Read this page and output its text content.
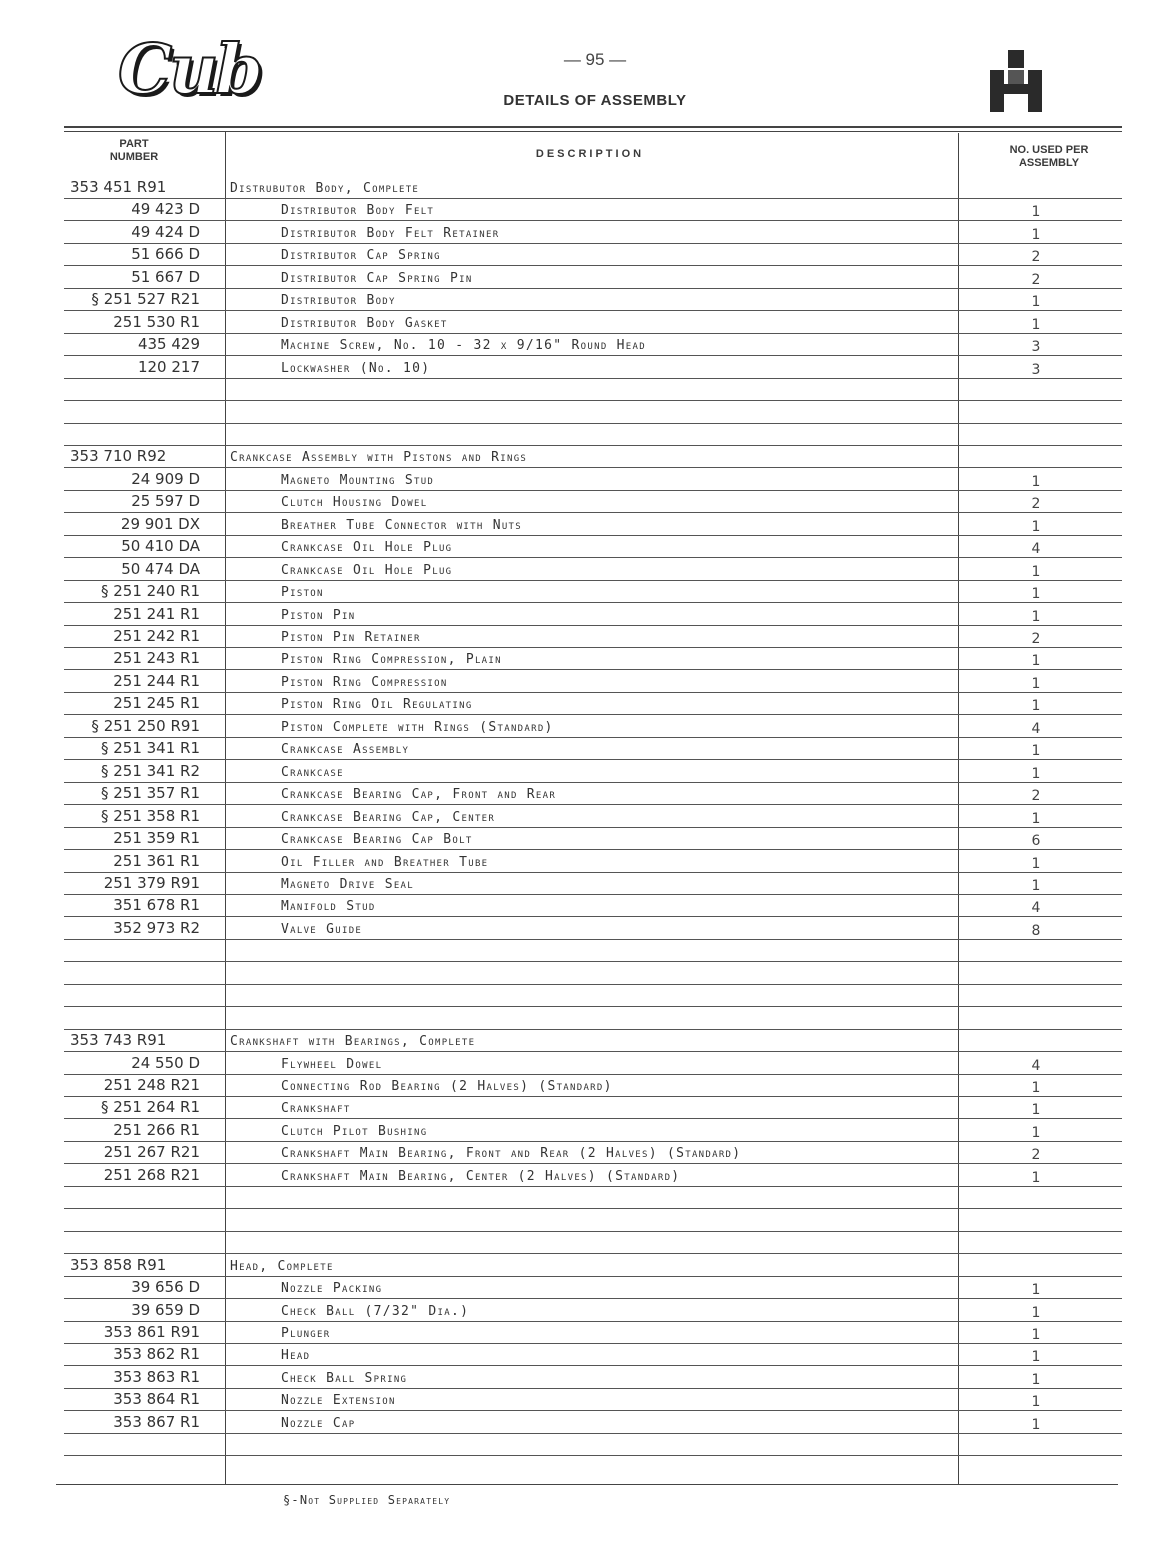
Cub	— 95 —
DETAILS OF ASSEMBLY
PART NUMBER	DESCRIPTION	NO. USED PER ASSEMBLY
353 451 R91	Distrubutor Body, Complete
49 423 D	Distributor Body Felt	1
49 424 D	Distributor Body Felt Retainer	1
51 666 D	Distributor Cap Spring	2
51 667 D	Distributor Cap Spring Pin	2
§ 251 527 R21	Distributor Body	1
251 530 R1	Distributor Body Gasket	1
435 429	Machine Screw, No. 10 - 32 x 9/16" Round Head	3
120 217	Lockwasher (No. 10)	3
353 710 R92	Crankcase Assembly with Pistons and Rings
24 909 D	Magneto Mounting Stud	1
25 597 D	Clutch Housing Dowel	2
29 901 DX	Breather Tube Connector with Nuts	1
50 410 DA	Crankcase Oil Hole Plug	4
50 474 DA	Crankcase Oil Hole Plug	1
§ 251 240 R1	Piston	1
251 241 R1	Piston Pin	1
251 242 R1	Piston Pin Retainer	2
251 243 R1	Piston Ring Compression, Plain	1
251 244 R1	Piston Ring Compression	1
251 245 R1	Piston Ring Oil Regulating	1
§ 251 250 R91	Piston Complete with Rings (Standard)	4
§ 251 341 R1	Crankcase Assembly	1
§ 251 341 R2	Crankcase	1
§ 251 357 R1	Crankcase Bearing Cap, Front and Rear	2
§ 251 358 R1	Crankcase Bearing Cap, Center	1
251 359 R1	Crankcase Bearing Cap Bolt	6
251 361 R1	Oil Filler and Breather Tube	1
251 379 R91	Magneto Drive Seal	1
351 678 R1	Manifold Stud	4
352 973 R2	Valve Guide	8
353 743 R91	Crankshaft with Bearings, Complete
24 550 D	Flywheel Dowel	4
251 248 R21	Connecting Rod Bearing (2 Halves) (Standard)	1
§ 251 264 R1	Crankshaft	1
251 266 R1	Clutch Pilot Bushing	1
251 267 R21	Crankshaft Main Bearing, Front and Rear (2 Halves) (Standard)	2
251 268 R21	Crankshaft Main Bearing, Center (2 Halves) (Standard)	1
353 858 R91	Head, Complete
39 656 D	Nozzle Packing	1
39 659 D	Check Ball (7/32" Dia.)	1
353 861 R91	Plunger	1
353 862 R1	Head	1
353 863 R1	Check Ball Spring	1
353 864 R1	Nozzle Extension	1
353 867 R1	Nozzle Cap	1
§-Not Supplied Separately
